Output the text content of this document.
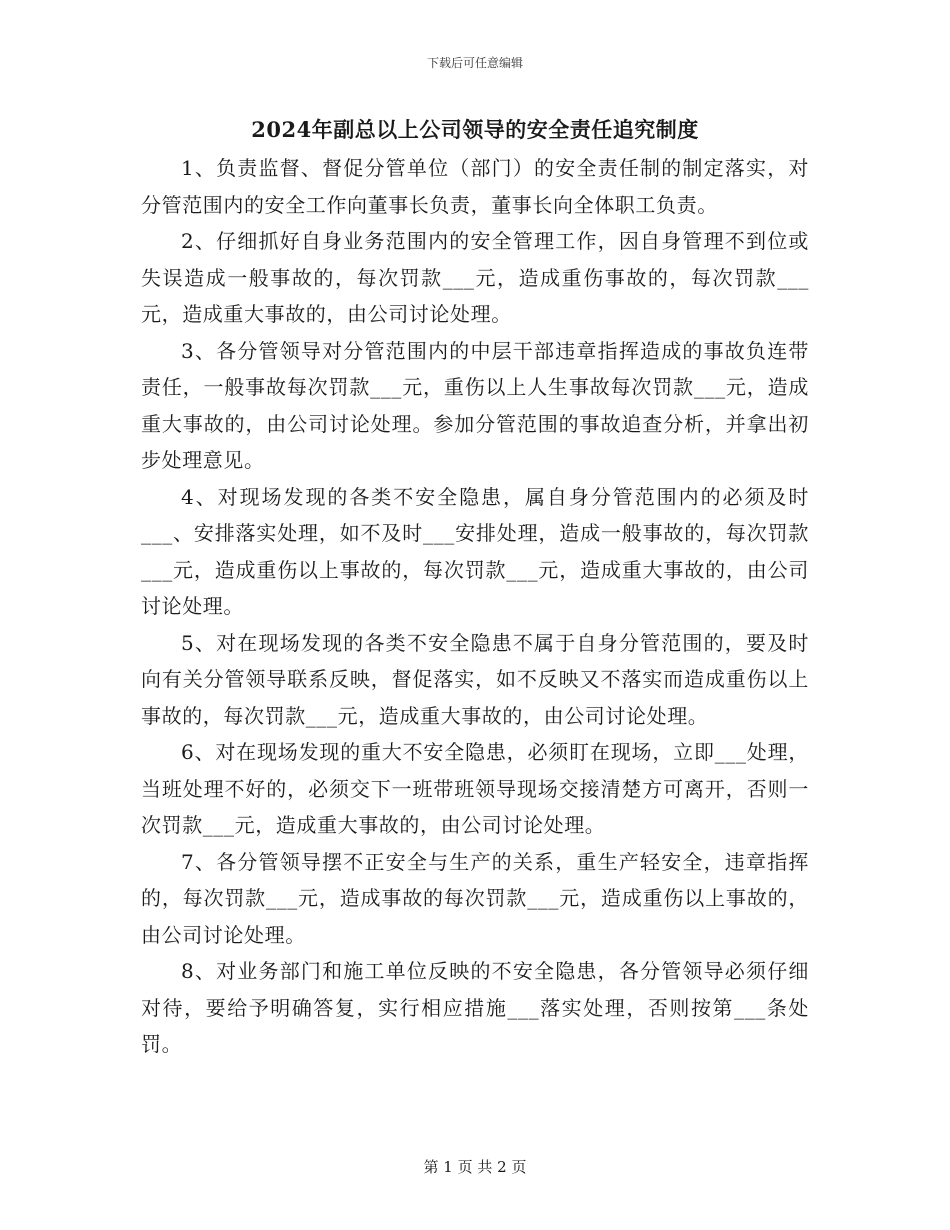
下载后可任意编辑
2024年副总以上公司领导的安全责任追究制度

1、负责监督、督促分管单位（部门）的安全责任制的制定落实，对分管范围内的安全工作向董事长负责，董事长向全体职工负责。

2、仔细抓好自身业务范围内的安全管理工作，因自身管理不到位或失误造成一般事故的，每次罚款___元，造成重伤事故的，每次罚款___元，造成重大事故的，由公司讨论处理。

3、各分管领导对分管范围内的中层干部违章指挥造成的事故负连带责任，一般事故每次罚款___元，重伤以上人生事故每次罚款___元，造成重大事故的，由公司讨论处理。参加分管范围的事故追查分析，并拿出初步处理意见。

4、对现场发现的各类不安全隐患，属自身分管范围内的必须及时___、安排落实处理，如不及时___安排处理，造成一般事故的，每次罚款___元，造成重伤以上事故的，每次罚款___元，造成重大事故的，由公司讨论处理。

5、对在现场发现的各类不安全隐患不属于自身分管范围的，要及时向有关分管领导联系反映，督促落实，如不反映又不落实而造成重伤以上事故的，每次罚款___元，造成重大事故的，由公司讨论处理。

6、对在现场发现的重大不安全隐患，必须盯在现场，立即___处理，当班处理不好的，必须交下一班带班领导现场交接清楚方可离开，否则一次罚款___元，造成重大事故的，由公司讨论处理。

7、各分管领导摆不正安全与生产的关系，重生产轻安全，违章指挥的，每次罚款___元，造成事故的每次罚款___元，造成重伤以上事故的，由公司讨论处理。

8、对业务部门和施工单位反映的不安全隐患，各分管领导必须仔细对待，要给予明确答复，实行相应措施___落实处理，否则按第___条处罚。

第 1 页 共 2 页
